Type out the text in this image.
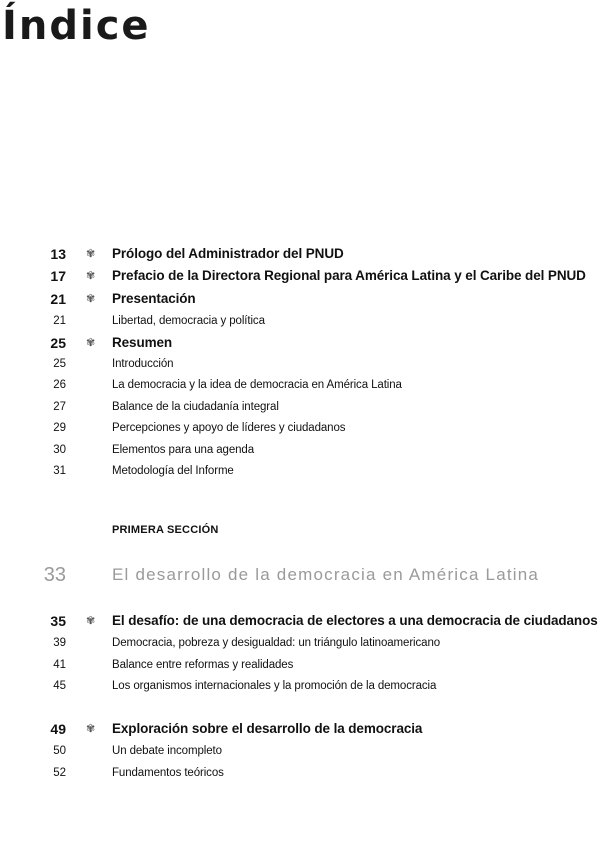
Índice
13 ✾ Prólogo del Administrador del PNUD
17 ✾ Prefacio de la Directora Regional para América Latina y el Caribe del PNUD
21 ✾ Presentación
21	Libertad, democracia y política
25 ✾ Resumen
25	Introducción
26	La democracia y la idea de democracia en América Latina
27	Balance de la ciudadanía integral
29	Percepciones y apoyo de líderes y ciudadanos
30	Elementos para una agenda
31	Metodología del Informe
PRIMERA SECCIÓN
33	El desarrollo de la democracia en América Latina
35 ✾ El desafío: de una democracia de electores a una democracia de ciudadanos
39	Democracia, pobreza y desigualdad: un triángulo latinoamericano
41	Balance entre reformas y realidades
45	Los organismos internacionales y la promoción de la democracia
49 ✾ Exploración sobre el desarrollo de la democracia
50	Un debate incompleto
52	Fundamentos teóricos
